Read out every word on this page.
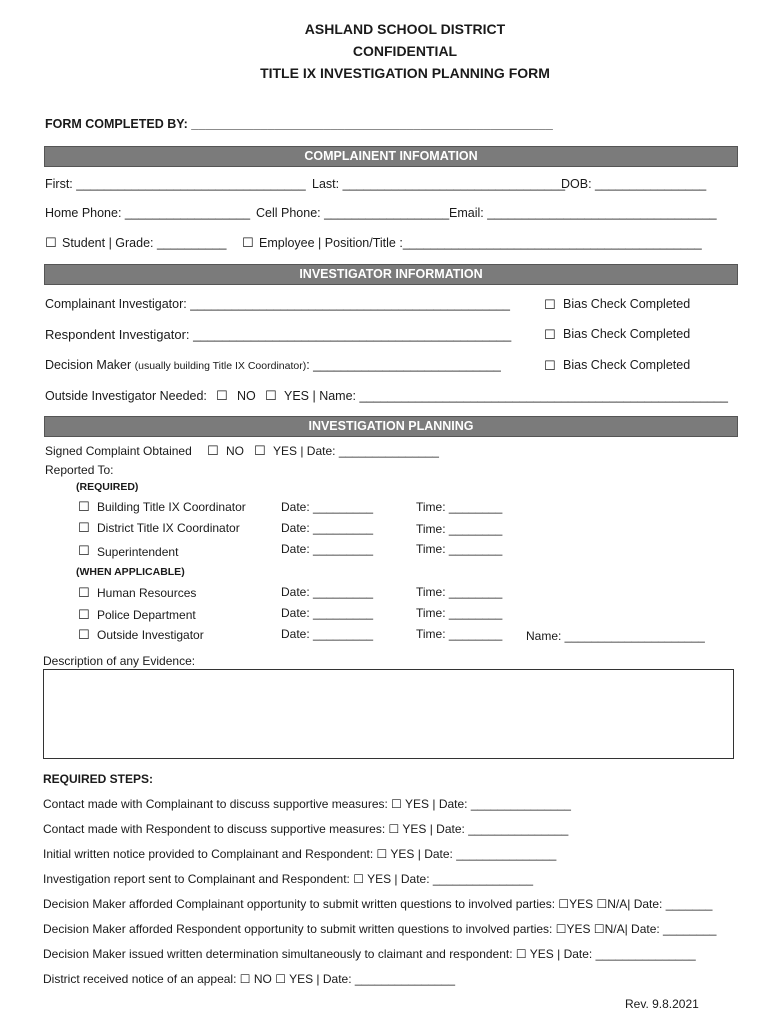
ASHLAND SCHOOL DISTRICT
CONFIDENTIAL
TITLE IX INVESTIGATION PLANNING FORM
FORM COMPLETED BY: ____________________________________________________
COMPLAINENT INFOMATION
First: _________________________________ Last: ________________________________
DOB: ________________
Home Phone: __________________ Cell Phone: __________________ Email: _________________________________
☐ Student | Grade: __________ ☐ Employee | Position/Title :___________________________________________
INVESTIGATOR INFORMATION
Complainant Investigator: ______________________________________________	☐ Bias Check Completed
Respondent Investigator: ____________________________________________	☐ Bias Check Completed
Decision Maker (usually building Title IX Coordinator): ___________________________	☐ Bias Check Completed
Outside Investigator Needed: ☐ NO ☐ YES | Name: _____________________________________________________
INVESTIGATION PLANNING
Signed Complaint Obtained ☐ NO ☐ YES | Date: _______________
Reported To:
(REQUIRED)
☐ Building Title IX Coordinator	Date: _________	Time: ________
☐ District Title IX Coordinator	Date: _________	Time: ________
☐ Superintendent	Date: _________	Time: ________
(WHEN APPLICABLE)
☐ Human Resources	Date: _________	Time: ________
☐ Police Department	Date: _________	Time: ________
☐ Outside Investigator	Date: _________	Time: ________ Name: _____________________
Description of any Evidence:
REQUIRED STEPS:
Contact made with Complainant to discuss supportive measures: ☐ YES | Date: _______________
Contact made with Respondent to discuss supportive measures: ☐ YES | Date: _______________
Initial written notice provided to Complainant and Respondent: ☐ YES | Date: _______________
Investigation report sent to Complainant and Respondent: ☐ YES | Date: _______________
Decision Maker afforded Complainant opportunity to submit written questions to involved parties: ☐YES ☐N/A| Date: _______
Decision Maker afforded Respondent opportunity to submit written questions to involved parties: ☐YES ☐N/A| Date: ________
Decision Maker issued written determination simultaneously to claimant and respondent: ☐ YES | Date: _______________
District received notice of an appeal: ☐ NO ☐ YES | Date: _______________
Rev. 9.8.2021
